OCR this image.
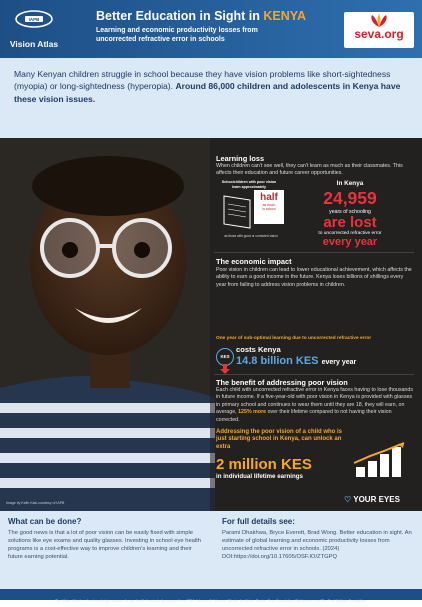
IAPB
Vision Atlas
Better Education in Sight in KENYA
Learning and economic productivity losses from uncorrected refractive error in schools	seva.org

Many Kenyan children struggle in school because they have vision problems like short-sightedness (myopia) or long-sightedness (hyperopia). Around 86,000 children and adolescents in Kenya have these vision issues.

Learning loss
When children can't see well, they can't learn as much as their classmates. This affects their education and future career opportunities.
Schoolchildren with poor vision learn approximately
half
as much
in school
as those with good or corrected vision
In Kenya
24,959
years of schooling
are lost
to uncorrected refractive error
every year
The economic impact
Poor vision in children can lead to lower educational achievement, which affects the ability to earn a good income in the future. Kenya loses billions of shillings every year from failing to address vision problems in children.
One year of sub-optimal learning due to uncorrected refractive error
KES
costs Kenya
14.8 billion KES every year
The benefit of addressing poor vision
Each child with uncorrected refractive error in Kenya faces having to lose thousands in future income. If a five-year-old with poor vision in Kenya is provided with glasses in primary school and continues to wear them until they are 18, they will earn, on average, 125% more over their lifetime compared to not having their vision corrected.
Addressing the poor vision of a child who is just starting school in Kenya, can unlock an extra
2 million KES
in individual lifetime earnings
♡ YOUR EYES
Image by Keith Kalu courtesy of IAPB
What can be done?
The good news is that a lot of poor vision can be easily fixed with simple solutions like eye exams and quality glasses. Investing in school eye health programs is a cost-effective way to improve children's learning and their future earning potential.
For full details see:
Parami Dhakhwa, Bryce Everett, Brad Wong. Better education in sight. An estimate of global learning and economic productivity losses from uncorrected refractive error in schools. (2024) DOI:https://doi.org/10.17605/OSF.IO/ZTGPQ
The Vision Atlas is a free knowledge resource for eye health thanks to the support from CBM, Johnson & Johnson, Mission for Vision, Roche, Seva Foundation, Sightsavers, and The Fred Hollows Foundation.
